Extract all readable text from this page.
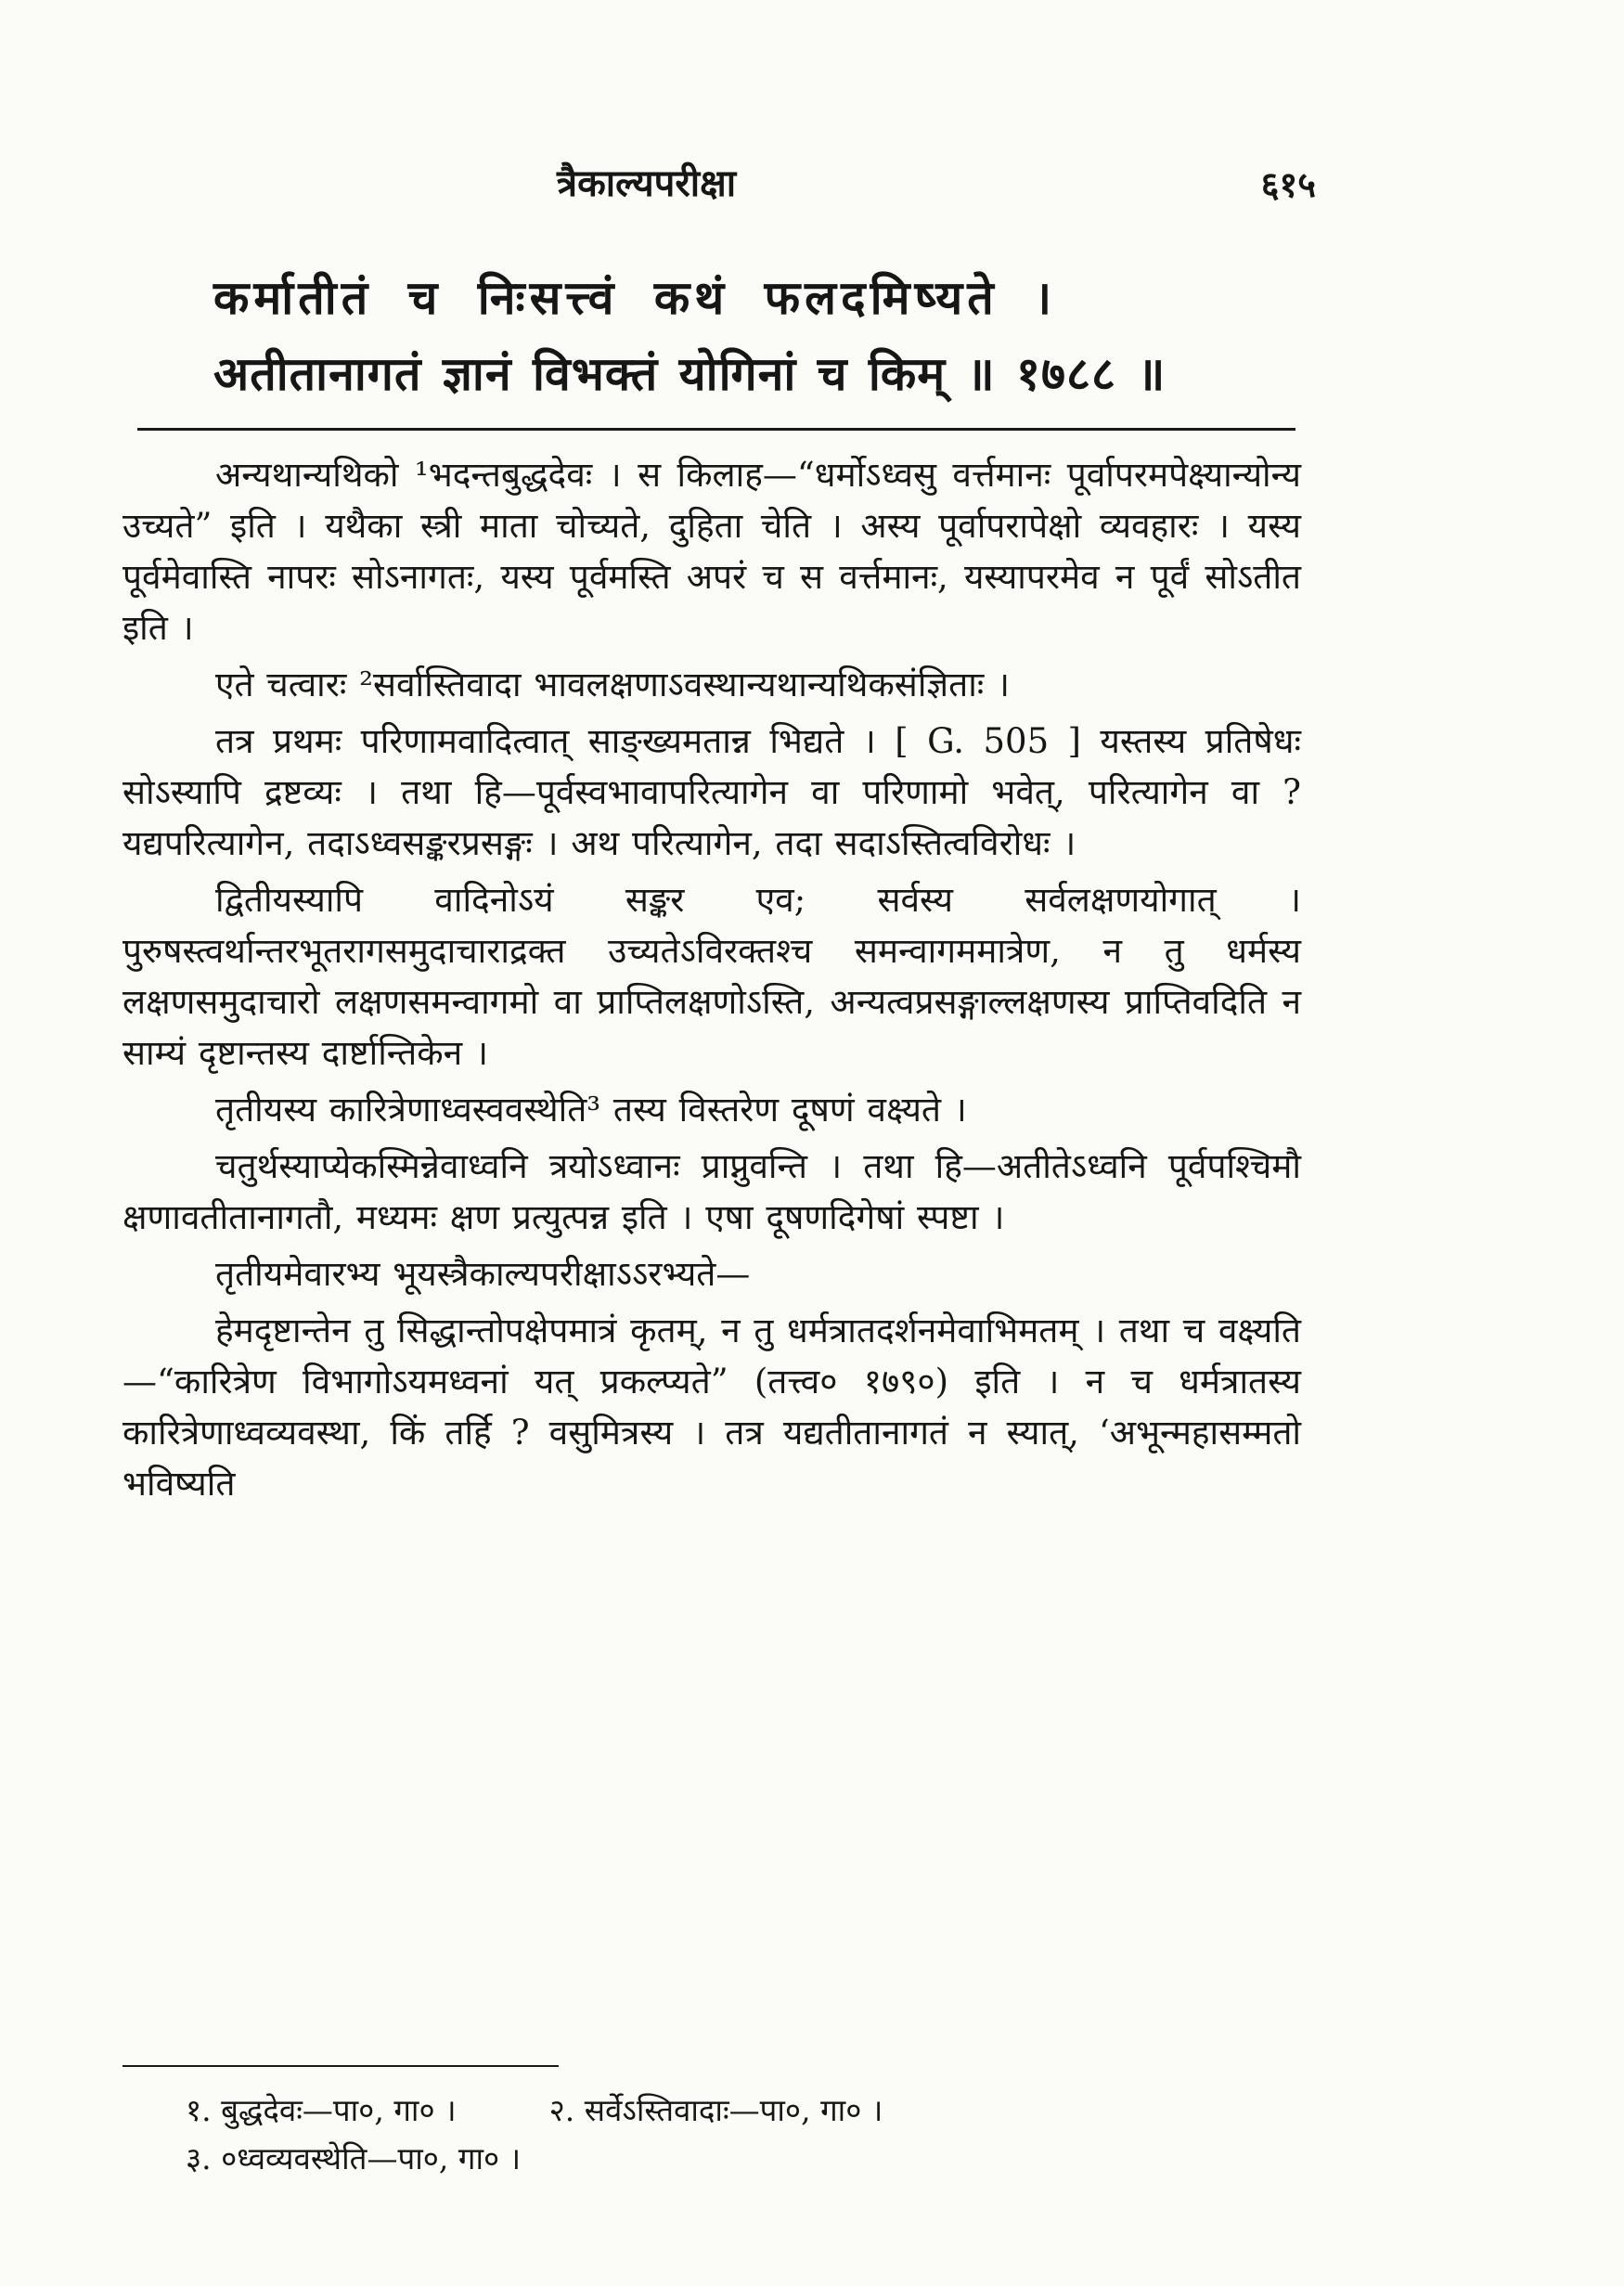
त्रैकाल्यपरीक्षा	६१५
कर्मातीतं च निःसत्त्वं कथं फलदमिष्यते ।
अतीतानागतं ज्ञानं विभक्तं योगिनां च किम् ॥ १७८८ ॥

अन्यथान्यथिको ¹भदन्तबुद्धदेवः । स किलाह—“धर्मोऽध्वसु वर्त्तमानः पूर्वापरमपेक्ष्यान्योन्य उच्यते” इति । यथैका स्त्री माता चोच्यते, दुहिता चेति । अस्य पूर्वापरापेक्षो व्यवहारः । यस्य पूर्वमेवास्ति नापरः सोऽनागतः, यस्य पूर्वमस्ति अपरं च स वर्त्तमानः, यस्यापरमेव न पूर्वं सोऽतीत इति ।

एते चत्वारः ²सर्वास्तिवादा भावलक्षणाऽवस्थान्यथान्यथिकसंज्ञिताः ।

तत्र प्रथमः परिणामवादित्वात् साङ्ख्यमतान्न भिद्यते । [ G. 505 ] यस्तस्य प्रतिषेधः सोऽस्यापि द्रष्टव्यः । तथा हि—पूर्वस्वभावापरित्यागेन वा परिणामो भवेत्, परित्यागेन वा ? यद्यपरित्यागेन, तदाऽध्वसङ्करप्रसङ्गः । अथ परित्यागेन, तदा सदाऽस्तित्वविरोधः ।

द्वितीयस्यापि वादिनोऽयं सङ्कर एव; सर्वस्य सर्वलक्षणयोगात् । पुरुषस्त्वर्थान्तरभूतरागसमुदाचाराद्रक्त उच्यतेऽविरक्तश्च समन्वागममात्रेण, न तु धर्मस्य लक्षणसमुदाचारो लक्षणसमन्वागमो वा प्राप्तिलक्षणोऽस्ति, अन्यत्वप्रसङ्गाल्लक्षणस्य प्राप्तिवदिति न साम्यं दृष्टान्तस्य दार्ष्टान्तिकेन ।

तृतीयस्य कारित्रेणाध्वस्ववस्थेति³ तस्य विस्तरेण दूषणं वक्ष्यते ।

चतुर्थस्याप्येकस्मिन्नेवाध्वनि त्रयोऽध्वानः प्राप्नुवन्ति । तथा हि—अतीतेऽध्वनि पूर्वपश्चिमौ क्षणावतीतानागतौ, मध्यमः क्षण प्रत्युत्पन्न इति । एषा दूषणदिगेषां स्पष्टा ।

तृतीयमेवारभ्य भूयस्त्रैकाल्यपरीक्षाऽऽरभ्यते—

हेमदृष्टान्तेन तु सिद्धान्तोपक्षेपमात्रं कृतम्, न तु धर्मत्रातदर्शनमेवाभिमतम् । तथा च वक्ष्यति—“कारित्रेण विभागोऽयमध्वनां यत् प्रकल्प्यते” (तत्त्व० १७९०) इति । न च धर्मत्रातस्य कारित्रेणाध्वव्यवस्था, किं तर्हि ? वसुमित्रस्य । तत्र यद्यतीतानागतं न स्यात्, ‘अभून्महासम्मतो भविष्यति

१. बुद्धदेवः—पा०, गा० ।	२. सर्वेऽस्तिवादाः—पा०, गा० ।
३. ०ध्वव्यवस्थेति—पा०, गा० ।
